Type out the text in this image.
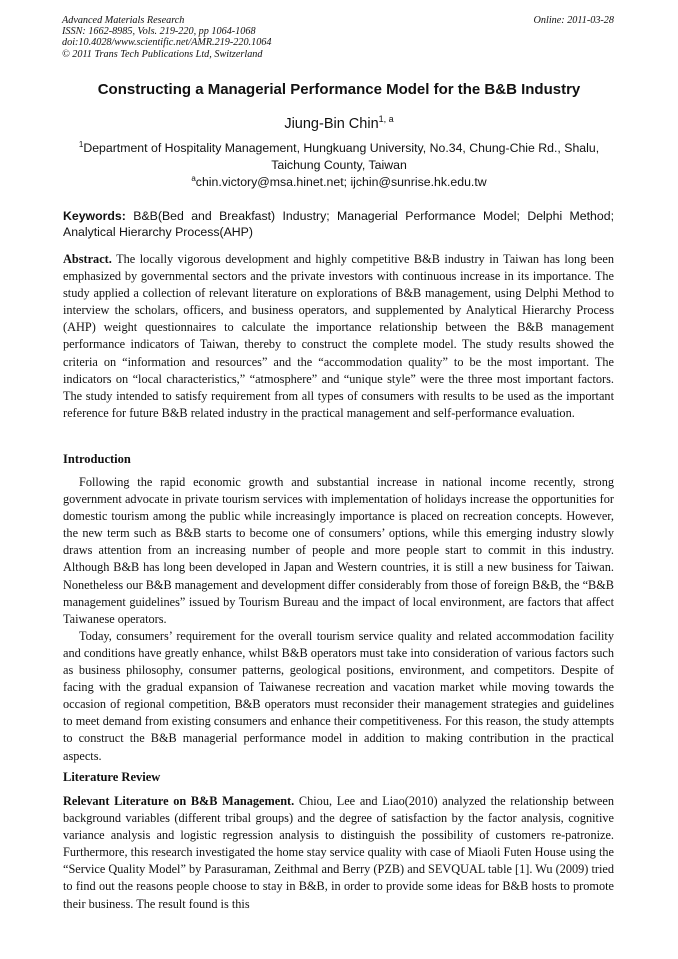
Advanced Materials Research
ISSN: 1662-8985, Vols. 219-220, pp 1064-1068
doi:10.4028/www.scientific.net/AMR.219-220.1064
© 2011 Trans Tech Publications Ltd, Switzerland
Online: 2011-03-28
Constructing a Managerial Performance Model for the B&B Industry
Jiung-Bin Chin$^{1, a}$
$^1$Department of Hospitality Management, Hungkuang University, No.34, Chung-Chie Rd., Shalu, Taichung County, Taiwan
$^a$chin.victory@msa.hinet.net; ijchin@sunrise.hk.edu.tw
Keywords: B&B(Bed and Breakfast) Industry; Managerial Performance Model; Delphi Method; Analytical Hierarchy Process(AHP)

Abstract. The locally vigorous development and highly competitive B&B industry in Taiwan has long been emphasized by governmental sectors and the private investors with continuous increase in its importance. The study applied a collection of relevant literature on explorations of B&B management, using Delphi Method to interview the scholars, officers, and business operators, and supplemented by Analytical Hierarchy Process (AHP) weight questionnaires to calculate the importance relationship between the B&B management performance indicators of Taiwan, thereby to construct the complete model. The study results showed the criteria on “information and resources” and the “accommodation quality” to be the most important. The indicators on “local characteristics,” “atmosphere” and “unique style” were the three most important factors. The study intended to satisfy requirement from all types of consumers with results to be used as the important reference for future B&B related industry in the practical management and self-performance evaluation.

Introduction

Following the rapid economic growth and substantial increase in national income recently, strong government advocate in private tourism services with implementation of holidays increase the opportunities for domestic tourism among the public while increasingly importance is placed on recreation concepts. However, the new term such as B&B starts to become one of consumers’ options, while this emerging industry slowly draws attention from an increasing number of people and more people start to commit in this industry. Although B&B has long been developed in Japan and Western countries, it is still a new business for Taiwan. Nonetheless our B&B management and development differ considerably from those of foreign B&B, the “B&B management guidelines” issued by Tourism Bureau and the impact of local environment, are factors that affect Taiwanese operators.

Today, consumers’ requirement for the overall tourism service quality and related accommodation facility and conditions have greatly enhance, whilst B&B operators must take into consideration of various factors such as business philosophy, consumer patterns, geological positions, environment, and competitors. Despite of facing with the gradual expansion of Taiwanese recreation and vacation market while moving towards the occasion of regional competition, B&B operators must reconsider their management strategies and guidelines to meet demand from existing consumers and enhance their competitiveness. For this reason, the study attempts to construct the B&B managerial performance model in addition to making contribution in the practical aspects.

Literature Review

Relevant Literature on B&B Management. Chiou, Lee and Liao(2010) analyzed the relationship between background variables (different tribal groups) and the degree of satisfaction by the factor analysis, cognitive variance analysis and logistic regression analysis to distinguish the possibility of customers re-patronize. Furthermore, this research investigated the home stay service quality with case of Miaoli Futen House using the “Service Quality Model” by Parasuraman, Zeithmal and Berry (PZB) and SEVQUAL table [1]. Wu (2009) tried to find out the reasons people choose to stay in B&B, in order to provide some ideas for B&B hosts to promote their business. The result found is this
